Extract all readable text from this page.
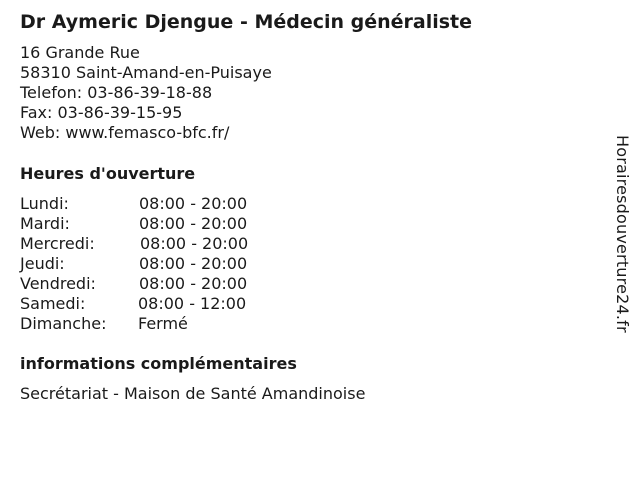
Dr Aymeric Djengue - Médecin généraliste
16 Grande Rue
58310 Saint-Amand-en-Puisaye
Telefon: 03-86-39-18-88
Fax: 03-86-39-15-95
Web: www.femasco-bfc.fr/
Heures d'ouverture
Lundi:	08:00 - 20:00
Mardi:	08:00 - 20:00
Mercredi:	08:00 - 20:00
Jeudi:	08:00 - 20:00
Vendredi:	08:00 - 20:00
Samedi:	08:00 - 12:00
Dimanche: Fermé
informations complémentaires
Secrétariat - Maison de Santé Amandinoise
Horairesdouverture24.fr
